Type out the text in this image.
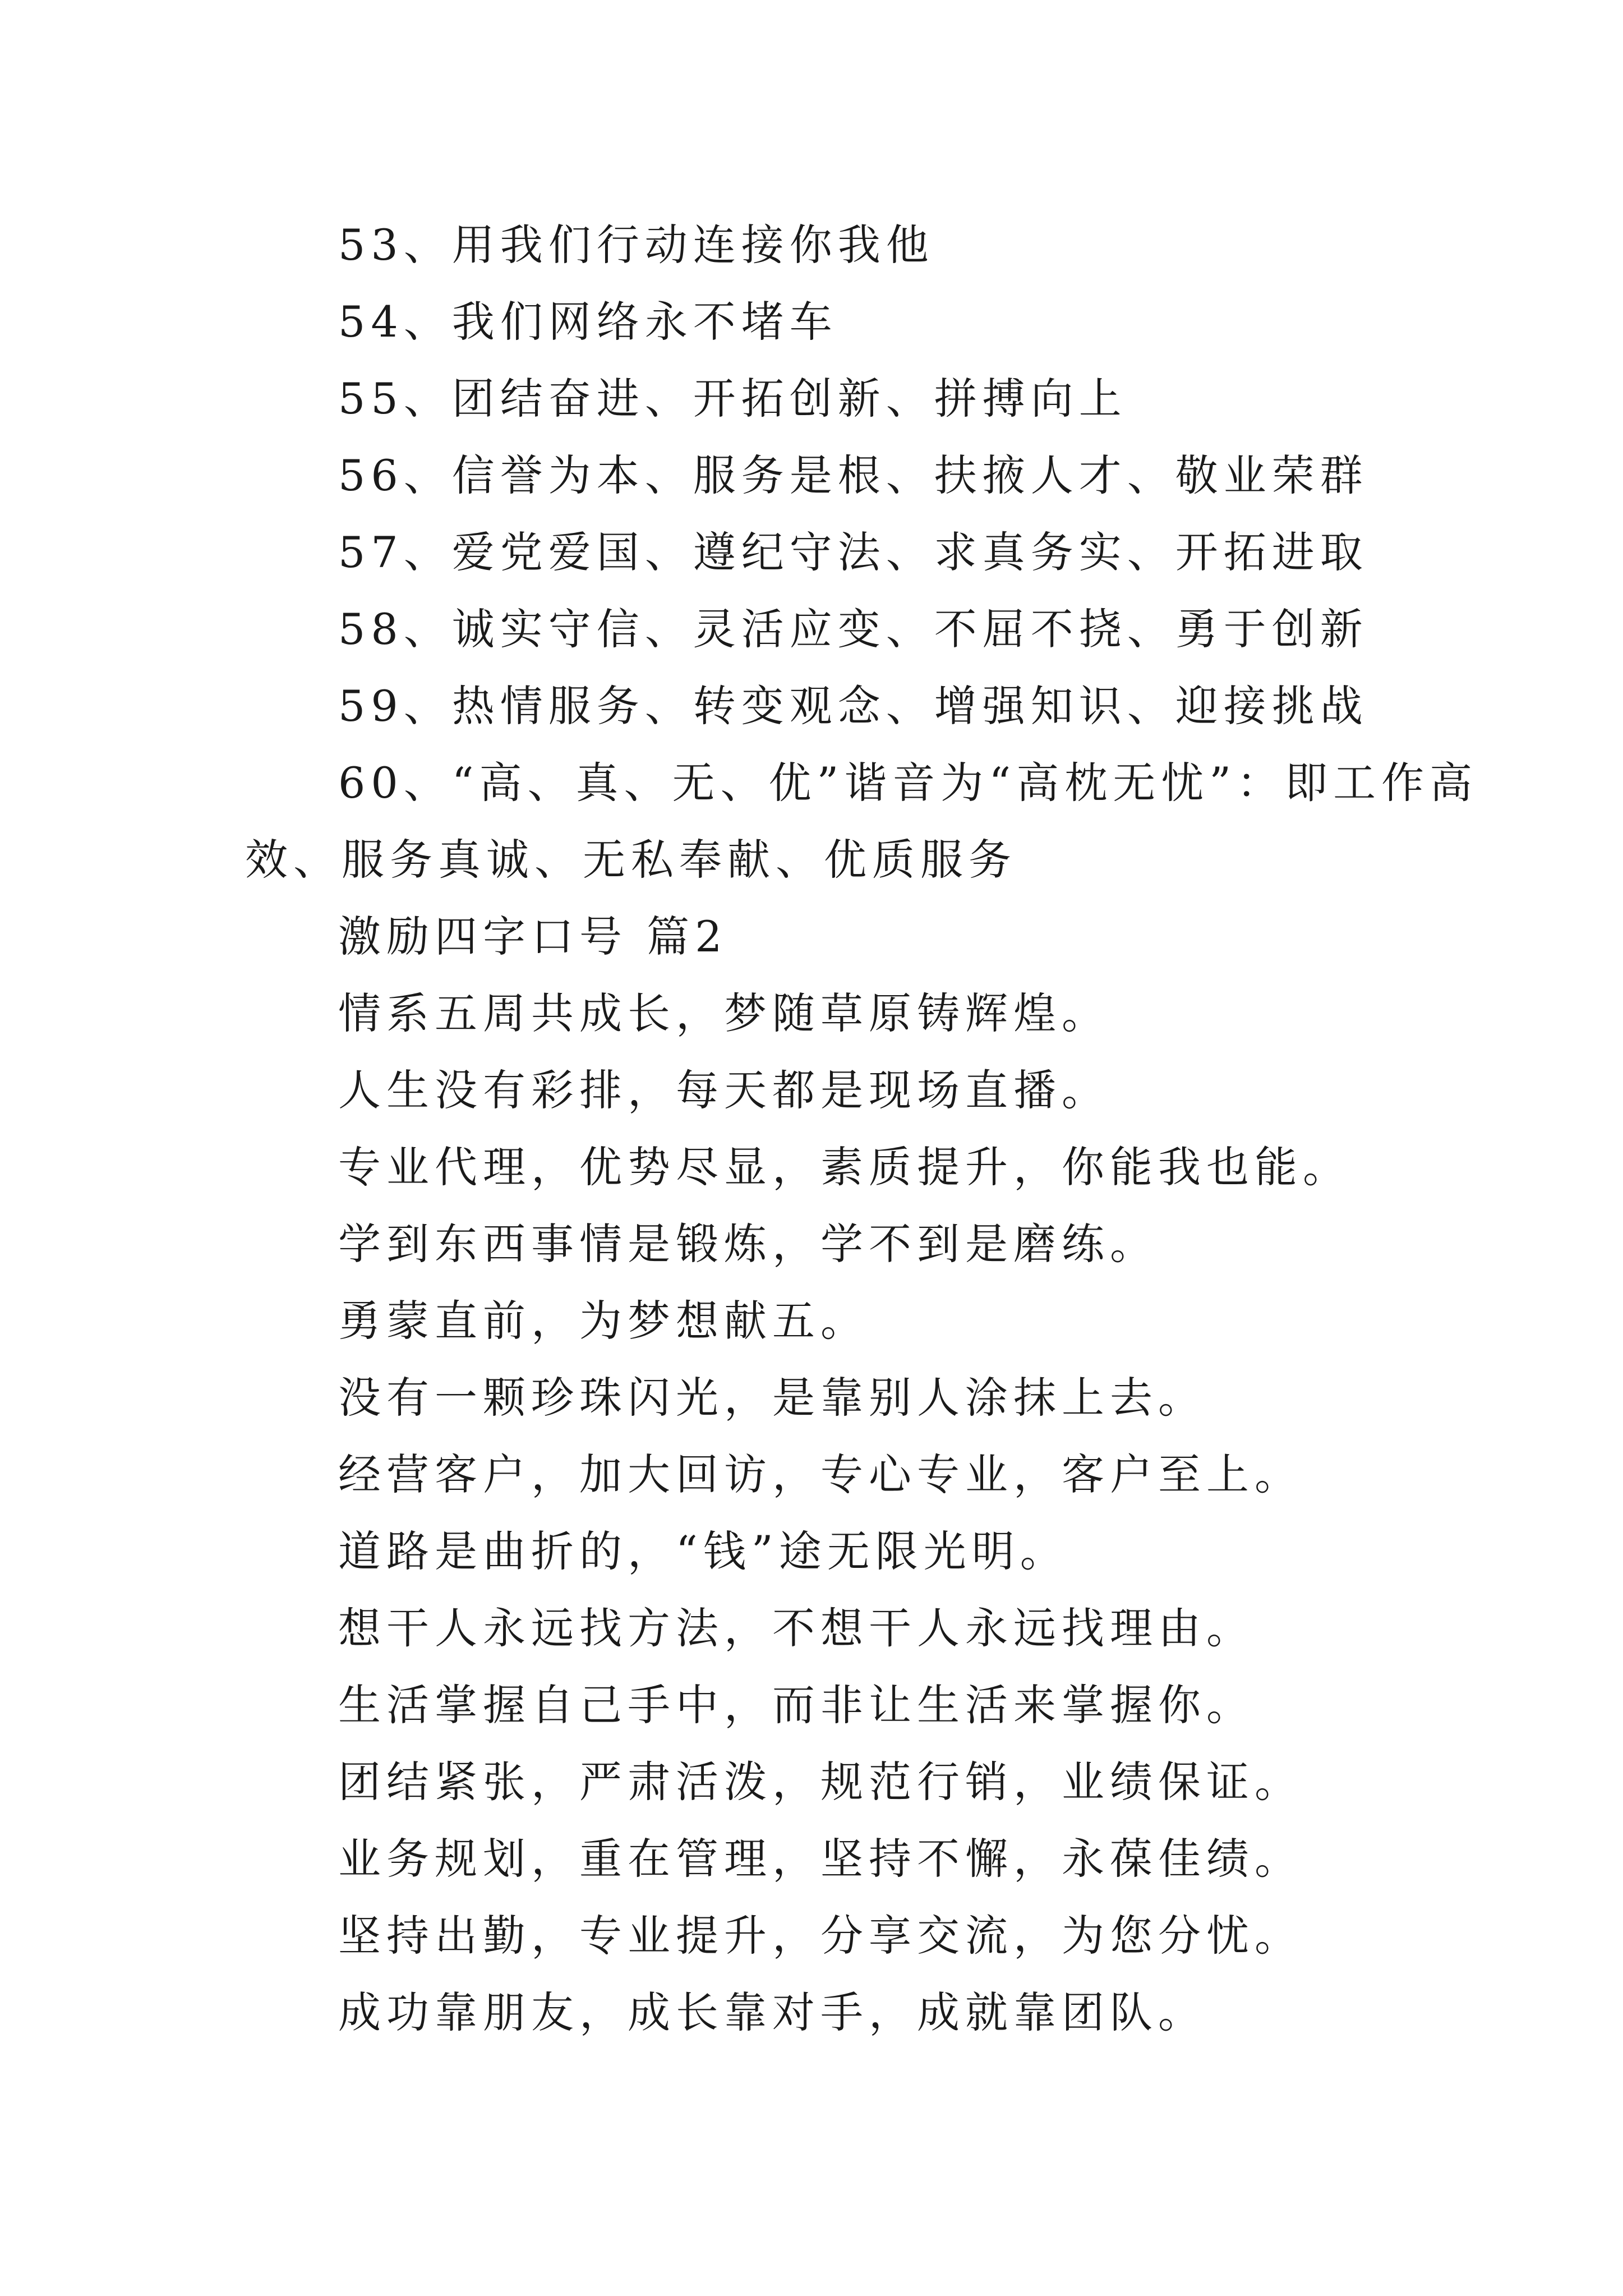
53、用我们行动连接你我他
54、我们网络永不堵车
55、团结奋进、开拓创新、拼搏向上
56、信誉为本、服务是根、扶掖人才、敬业荣群
57、爱党爱国、遵纪守法、求真务实、开拓进取
58、诚实守信、灵活应变、不屈不挠、勇于创新
59、热情服务、转变观念、增强知识、迎接挑战
60、“高、真、无、优”谐音为“高枕无忧”：即工作高
效、服务真诚、无私奉献、优质服务
激励四字口号 篇2
情系五周共成长，梦随草原铸辉煌。
人生没有彩排，每天都是现场直播。
专业代理，优势尽显，素质提升，你能我也能。
学到东西事情是锻炼，学不到是磨练。
勇蒙直前，为梦想献五。
没有一颗珍珠闪光，是靠别人涂抹上去。
经营客户，加大回访，专心专业，客户至上。
道路是曲折的，“钱”途无限光明。
想干人永远找方法，不想干人永远找理由。
生活掌握自己手中，而非让生活来掌握你。
团结紧张，严肃活泼，规范行销，业绩保证。
业务规划，重在管理，坚持不懈，永葆佳绩。
坚持出勤，专业提升，分享交流，为您分忧。
成功靠朋友，成长靠对手，成就靠团队。
